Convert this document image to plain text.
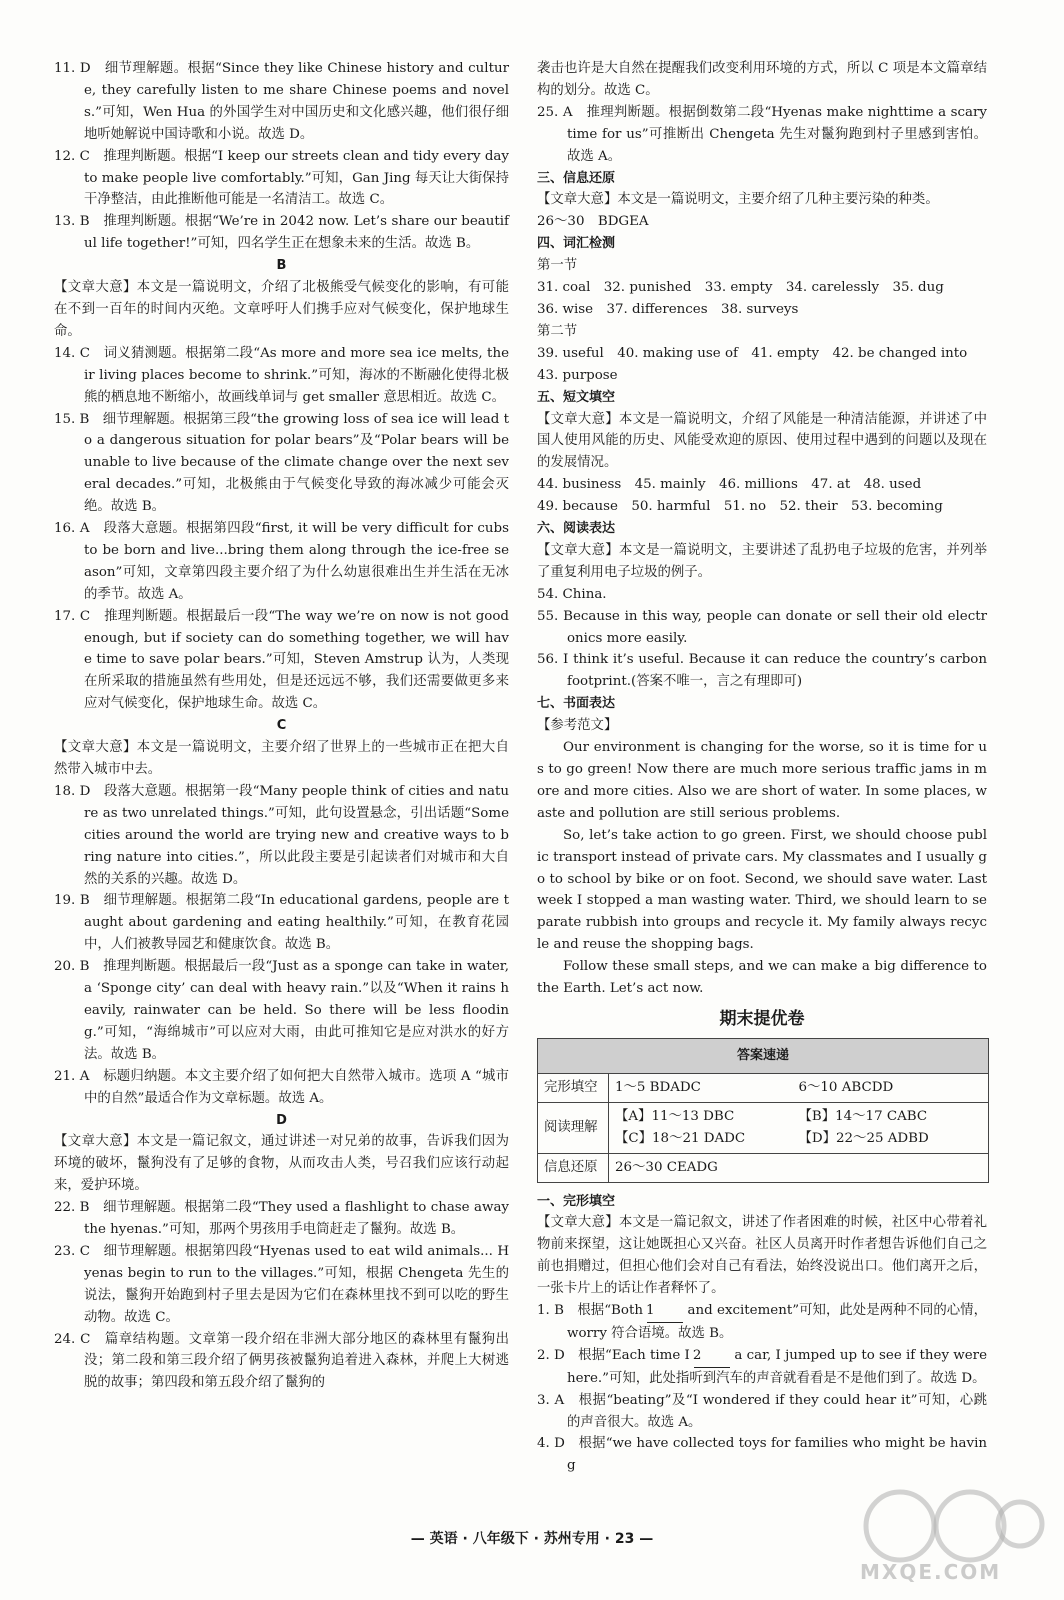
11. D　细节理解题。根据“Since they like Chinese history and culture, they carefully listen to me share Chinese poems and novels.”可知，Wen Hua 的外国学生对中国历史和文化感兴趣，他们很仔细地听她解说中国诗歌和小说。故选 D。

12. C　推理判断题。根据“I keep our streets clean and tidy every day to make people live comfortably.”可知，Gan Jing 每天让大街保持干净整洁，由此推断他可能是一名清洁工。故选 C。

13. B　推理判断题。根据“We’re in 2042 now. Let’s share our beautiful life together!”可知，四名学生正在想象未来的生活。故选 B。

B

【文章大意】本文是一篇说明文，介绍了北极熊受气候变化的影响，有可能在不到一百年的时间内灭绝。文章呼吁人们携手应对气候变化，保护地球生命。

14. C　词义猜测题。根据第二段“As more and more sea ice melts, their living places become to shrink.”可知，海冰的不断融化使得北极熊的栖息地不断缩小，故画线单词与 get smaller 意思相近。故选 C。

15. B　细节理解题。根据第三段“the growing loss of sea ice will lead to a dangerous situation for polar bears”及“Polar bears will be unable to live because of the climate change over the next several decades.”可知，北极熊由于气候变化导致的海冰减少可能会灭绝。故选 B。

16. A　段落大意题。根据第四段“first, it will be very difficult for cubs to be born and live...bring them along through the ice-free season”可知，文章第四段主要介绍了为什么幼崽很难出生并生活在无冰的季节。故选 A。

17. C　推理判断题。根据最后一段“The way we’re on now is not good enough, but if society can do something together, we will have time to save polar bears.”可知，Steven Amstrup 认为，人类现在所采取的措施虽然有些用处，但是还远远不够，我们还需要做更多来应对气候变化，保护地球生命。故选 C。

C

【文章大意】本文是一篇说明文，主要介绍了世界上的一些城市正在把大自然带入城市中去。

18. D　段落大意题。根据第一段“Many people think of cities and nature as two unrelated things.”可知，此句设置悬念，引出话题“Some cities around the world are trying new and creative ways to bring nature into cities.”，所以此段主要是引起读者们对城市和大自然的关系的兴趣。故选 D。

19. B　细节理解题。根据第二段“In educational gardens, people are taught about gardening and eating healthily.”可知，在教育花园中，人们被教导园艺和健康饮食。故选 B。

20. B　推理判断题。根据最后一段“Just as a sponge can take in water, a ‘Sponge city’ can deal with heavy rain.”以及“When it rains heavily, rainwater can be held. So there will be less flooding.”可知，“海绵城市”可以应对大雨，由此可推知它是应对洪水的好方法。故选 B。

21. A　标题归纳题。本文主要介绍了如何把大自然带入城市。选项 A “城市中的自然”最适合作为文章标题。故选 A。

D

【文章大意】本文是一篇记叙文，通过讲述一对兄弟的故事，告诉我们因为环境的破坏，鬣狗没有了足够的食物，从而攻击人类，号召我们应该行动起来，爱护环境。

22. B　细节理解题。根据第二段“They used a flashlight to chase away the hyenas.”可知，那两个男孩用手电筒赶走了鬣狗。故选 B。

23. C　细节理解题。根据第四段“Hyenas used to eat wild animals... Hyenas begin to run to the villages.”可知，根据 Chengeta 先生的说法，鬣狗开始跑到村子里去是因为它们在森林里找不到可以吃的野生动物。故选 C。

24. C　篇章结构题。文章第一段介绍在非洲大部分地区的森林里有鬣狗出没；第二段和第三段介绍了俩男孩被鬣狗追着进入森林，并爬上大树逃脱的故事；第四段和第五段介绍了鬣狗的

袭击也许是大自然在提醒我们改变利用环境的方式，所以 C 项是本文篇章结构的划分。故选 C。

25. A　推理判断题。根据倒数第二段“Hyenas make nighttime a scary time for us”可推断出 Chengeta 先生对鬣狗跑到村子里感到害怕。故选 A。

三、信息还原

【文章大意】本文是一篇说明文，主要介绍了几种主要污染的种类。

26～30　BDGEA

四、词汇检测

第一节

31. coal　32. punished　33. empty　34. carelessly　35. dug

36. wise　37. differences　38. surveys

第二节

39. useful　40. making use of　41. empty　42. be changed into

43. purpose

五、短文填空

【文章大意】本文是一篇说明文，介绍了风能是一种清洁能源，并讲述了中国人使用风能的历史、风能受欢迎的原因、使用过程中遇到的问题以及现在的发展情况。

44. business　45. mainly　46. millions　47. at　48. used

49. because　50. harmful　51. no　52. their　53. becoming

六、阅读表达

【文章大意】本文是一篇说明文，主要讲述了乱扔电子垃圾的危害，并列举了重复利用电子垃圾的例子。

54. China.

55. Because in this way, people can donate or sell their old electronics more easily.

56. I think it’s useful. Because it can reduce the country’s carbon footprint.(答案不唯一，言之有理即可)

七、书面表达

【参考范文】

Our environment is changing for the worse, so it is time for us to go green! Now there are much more serious traffic jams in more and more cities. Also we are short of water. In some places, waste and pollution are still serious problems.

So, let’s take action to go green. First, we should choose public transport instead of private cars. My classmates and I usually go to school by bike or on foot. Second, we should save water. Last week I stopped a man wasting water. Third, we should learn to separate rubbish into groups and recycle it. My family always recycle and reuse the shopping bags.

Follow these small steps, and we can make a big difference to the Earth. Let’s act now.

期末提优卷
答案速递	
完形填空	1～5 BDADC 6～10 ABCDD

阅读理解	【A】11～13 DBC 【B】14～17 CABC
【C】18～21 DADC 【D】22～25 ADBD

信息还原	26～30 CEADG

一、完形填空

【文章大意】本文是一篇记叙文，讲述了作者困难的时候，社区中心带着礼物前来探望，这让她既担心又兴奋。社区人员离开时作者想告诉他们自己之前也捐赠过，但担心他们会对自己有看法，始终没说出口。他们离开之后，一张卡片上的话让作者释怀了。

1. B　根据“Both 1 and excitement”可知，此处是两种不同的心情，worry 符合语境。故选 B。

2. D　根据“Each time I 2 a car, I jumped up to see if they were here.”可知，此处指听到汽车的声音就看看是不是他们到了。故选 D。

3. A　根据“beating”及“I wondered if they could hear it”可知，心跳的声音很大。故选 A。

4. D　根据“we have collected toys for families who might be having

— 英语 · 八年级下 · 苏州专用 · 23 —
MXQE.COM
